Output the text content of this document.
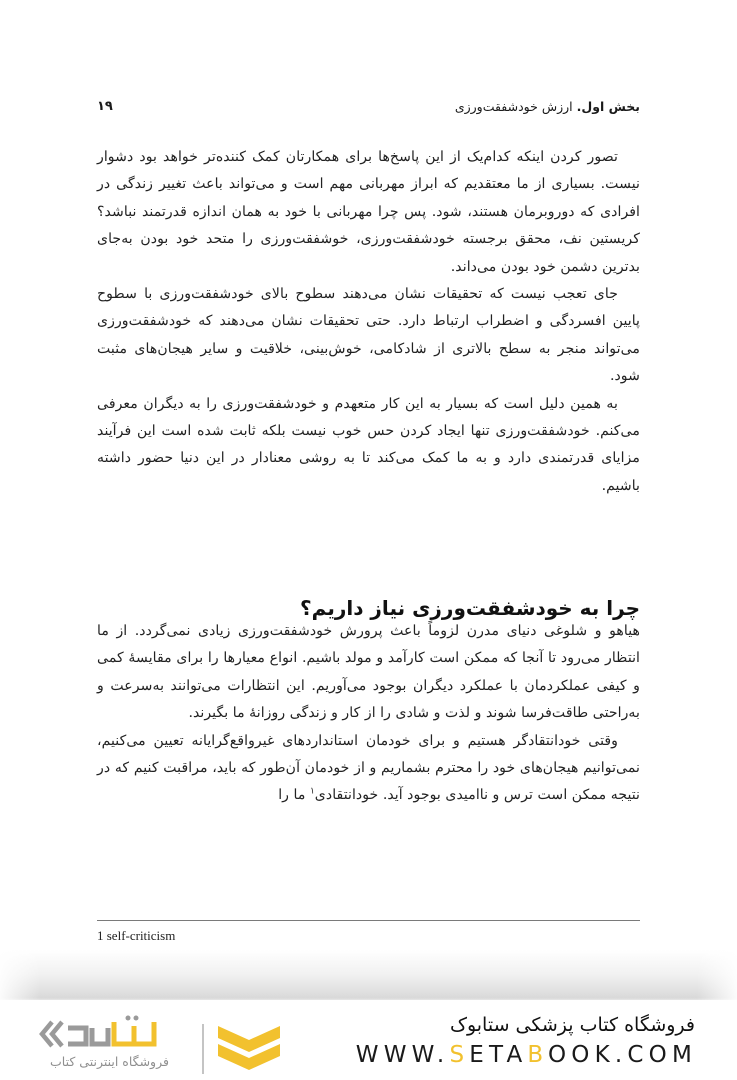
بخش اول. ارزش خودشفقت‌ورزی
۱۹

تصور کردن اینکه کدام‌یک از این پاسخ‌ها برای همکارتان کمک کننده‌تر خواهد بود دشوار نیست. بسیاری از ما معتقدیم که ابراز مهربانی مهم است و می‌تواند باعث تغییر زندگی در افرادی که دوروبرمان هستند، شود. پس چرا مهربانی با خود به همان اندازه قدرتمند نباشد؟ کریستین نف، محقق برجسته خودشفقت‌ورزی، خوشفقت‌ورزی را متحد خود بودن به‌جای بدترین دشمن خود بودن می‌داند.

جای تعجب نیست که تحقیقات نشان می‌دهند سطوح بالای خودشفقت‌ورزی با سطوح پایین افسردگی و اضطراب ارتباط دارد. حتی تحقیقات نشان می‌دهند که خودشفقت‌ورزی می‌تواند منجر به سطح بالاتری از شادکامی، خوش‌بینی، خلاقیت و سایر هیجان‌های مثبت شود.

به همین دلیل است که بسیار به این کار متعهدم و خودشفقت‌ورزی را به دیگران معرفی می‌کنم. خودشفقت‌ورزی تنها ایجاد کردن حس خوب نیست بلکه ثابت شده است این فرآیند مزایای قدرتمندی دارد و به ما کمک می‌کند تا به روشی معنادار در این دنیا حضور داشته باشیم.

چرا به خودشفقت‌ورزی نیاز داریم؟

هیاهو و شلوغی دنیای مدرن لزوماً باعث پرورش خودشفقت‌ورزی زیادی نمی‌گردد. از ما انتظار می‌رود تا آنجا که ممکن است کارآمد و مولد باشیم. انواع معیارها را برای مقایسهٔ کمی و کیفی عملکردمان با عملکرد دیگران بوجود می‌آوریم. این انتظارات می‌توانند به‌سرعت و به‌راحتی طاقت‌فرسا شوند و لذت و شادی را از کار و زندگی روزانهٔ ما بگیرند.

وقتی خودانتقادگر هستیم و برای خودمان استانداردهای غیرواقع‌گرایانه تعیین می‌کنیم، نمی‌توانیم هیجان‌های خود را محترم بشماریم و از خودمان آن‌طور که باید، مراقبت کنیم که در نتیجه ممکن است ترس و ناامیدی بوجود آید. خودانتقادی$^۱$ ما را

1 self-criticism
فروشگاه اینترنتی کتاب
فروشگاه کتاب پزشکی ستابوک
WWW.SETABOOK.COM
